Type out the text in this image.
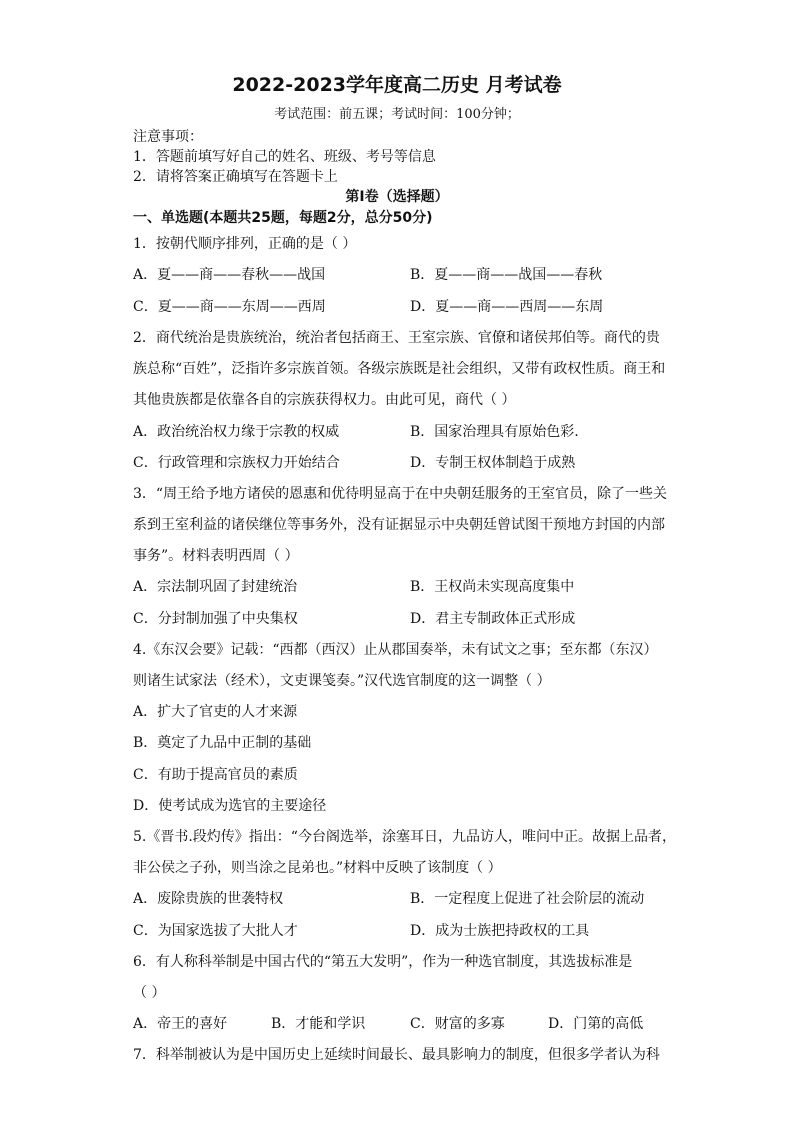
2022-2023学年度高二历史 月考试卷
考试范围：前五课；考试时间：100分钟；
注意事项：
1．答题前填写好自己的姓名、班级、考号等信息
2．请将答案正确填写在答题卡上
第I卷（选择题）
一、单选题(本题共25题，每题2分，总分50分)
1．按朝代顺序排列，正确的是（ ）
A．夏——商——春秋——战国	B．夏——商——战国——春秋
C．夏——商——东周——西周	D．夏——商——西周——东周
2．商代统治是贵族统治，统治者包括商王、王室宗族、官僚和诸侯邦伯等。商代的贵
族总称“百姓”，泛指许多宗族首领。各级宗族既是社会组织，又带有政权性质。商王和
其他贵族都是依靠各自的宗族获得权力。由此可见，商代（ ）
A．政治统治权力缘于宗教的权威	B．国家治理具有原始色彩.
C．行政管理和宗族权力开始结合	D．专制王权体制趋于成熟
3．“周王给予地方诸侯的恩惠和优待明显高于在中央朝廷服务的王室官员，除了一些关
系到王室利益的诸侯继位等事务外，没有证据显示中央朝廷曾试图干预地方封国的内部
事务”。材料表明西周（ ）
A．宗法制巩固了封建统治	B．王权尚未实现高度集中
C．分封制加强了中央集权	D．君主专制政体正式形成
4.《东汉会要》记载：“西都（西汉）止从郡国奏举，未有试文之事；至东都（东汉）
则诸生试家法（经术），文吏课笺奏。”汉代选官制度的这一调整（ ）
A．扩大了官吏的人才来源
B．奠定了九品中正制的基础
C．有助于提高官员的素质
D．使考试成为选官的主要途径
5.《晋书.段灼传》指出：“今台阁选举，涂塞耳日，九品访人，唯问中正。故据上品者，
非公侯之子孙，则当涂之昆弟也。”材料中反映了该制度（ ）
A．废除贵族的世袭特权	B．一定程度上促进了社会阶层的流动
C．为国家选拔了大批人才	D．成为士族把持政权的工具
6．有人称科举制是中国古代的“第五大发明”，作为一种选官制度，其选拔标准是
（ ）
A．帝王的喜好	B．才能和学识	C．财富的多寡	D．门第的高低
7．科举制被认为是中国历史上延续时间最长、最具影响力的制度，但很多学者认为科
